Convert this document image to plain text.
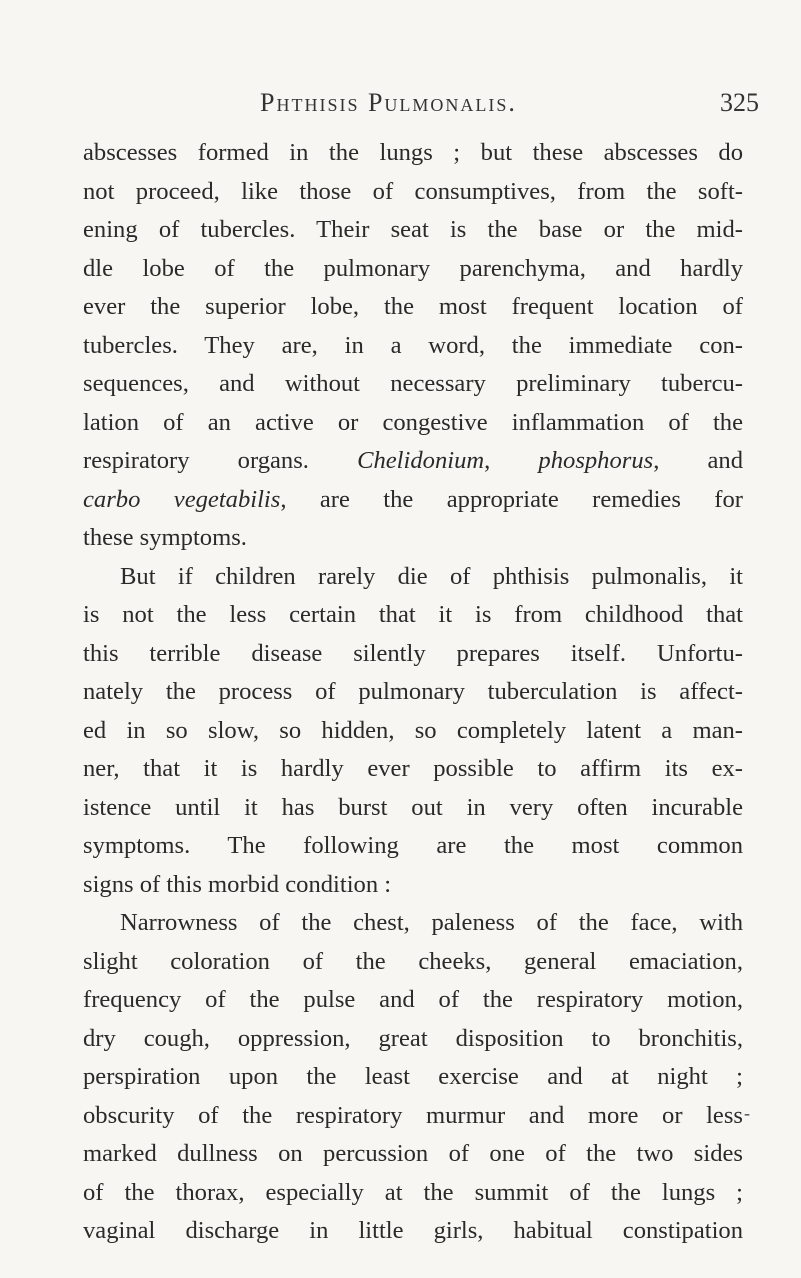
Phthisis Pulmonalis.	325
abscesses formed in the lungs ; but these abscesses do
not proceed, like those of consumptives, from the soft-
ening of tubercles. Their seat is the base or the mid-
dle lobe of the pulmonary parenchyma, and hardly
ever the superior lobe, the most frequent location of
tubercles. They are, in a word, the immediate con-
sequences, and without necessary preliminary tubercu-
lation of an active or congestive inflammation of the
respiratory organs. Chelidonium, phosphorus, and
carbo vegetabilis, are the appropriate remedies for
these symptoms.
But if children rarely die of phthisis pulmonalis, it
is not the less certain that it is from childhood that
this terrible disease silently prepares itself. Unfortu-
nately the process of pulmonary tuberculation is affect-
ed in so slow, so hidden, so completely latent a man-
ner, that it is hardly ever possible to affirm its ex-
istence until it has burst out in very often incurable
symptoms. The following are the most common
signs of this morbid condition :
Narrowness of the chest, paleness of the face, with
slight coloration of the cheeks, general emaciation,
frequency of the pulse and of the respiratory motion,
dry cough, oppression, great disposition to bronchitis,
perspiration upon the least exercise and at night ;
obscurity of the respiratory murmur and more or less
marked dullness on percussion of one of the two sides
of the thorax, especially at the summit of the lungs ;
vaginal discharge in little girls, habitual constipation
-
